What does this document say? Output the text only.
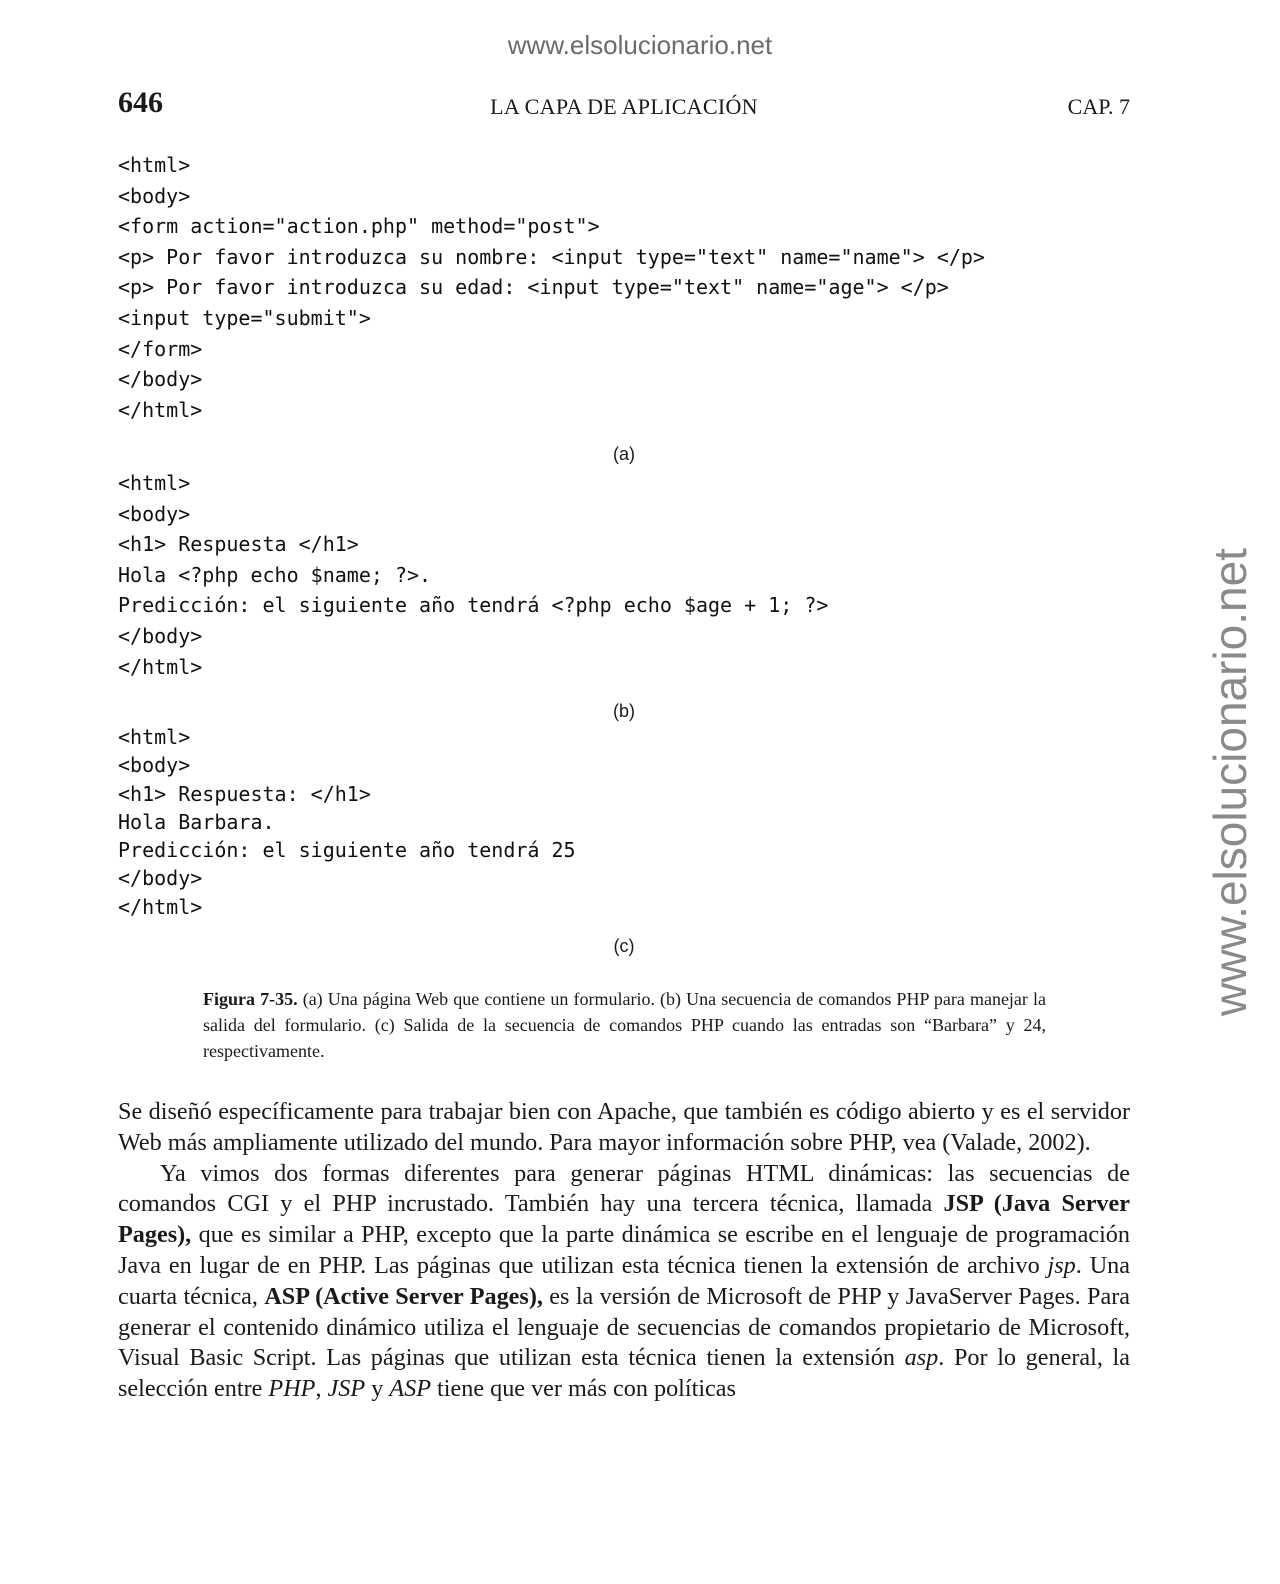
www.elsolucionario.net
www.elsolucionario.net
646	LA CAPA DE APLICACIÓN	CAP. 7
<html>
<body>
<form action="action.php" method="post">
<p> Por favor introduzca su nombre: <input type="text" name="name"> </p>
<p> Por favor introduzca su edad: <input type="text" name="age"> </p>
<input type="submit">
</form>
</body>
</html>
(a)
<html>
<body>
<h1> Respuesta </h1>
Hola <?php echo $name; ?>.
Predicción: el siguiente año tendrá <?php echo $age + 1; ?>
</body>
</html>
(b)
<html>
<body>
<h1> Respuesta: </h1>
Hola Barbara.
Predicción: el siguiente año tendrá 25
</body>
</html>
(c)
Figura 7-35. (a) Una página Web que contiene un formulario. (b) Una secuencia de comandos PHP para manejar la salida del formulario. (c) Salida de la secuencia de comandos PHP cuando las entradas son “Barbara” y 24, respectivamente.

Se diseñó específicamente para trabajar bien con Apache, que también es código abierto y es el servidor Web más ampliamente utilizado del mundo. Para mayor información sobre PHP, vea (Valade, 2002).

Ya vimos dos formas diferentes para generar páginas HTML dinámicas: las secuencias de comandos CGI y el PHP incrustado. También hay una tercera técnica, llamada JSP (Java Server Pages), que es similar a PHP, excepto que la parte dinámica se escribe en el lenguaje de programación Java en lugar de en PHP. Las páginas que utilizan esta técnica tienen la extensión de archivo jsp. Una cuarta técnica, ASP (Active Server Pages), es la versión de Microsoft de PHP y JavaServer Pages. Para generar el contenido dinámico utiliza el lenguaje de secuencias de comandos propietario de Microsoft, Visual Basic Script. Las páginas que utilizan esta técnica tienen la extensión asp. Por lo general, la selección entre PHP, JSP y ASP tiene que ver más con políticas
